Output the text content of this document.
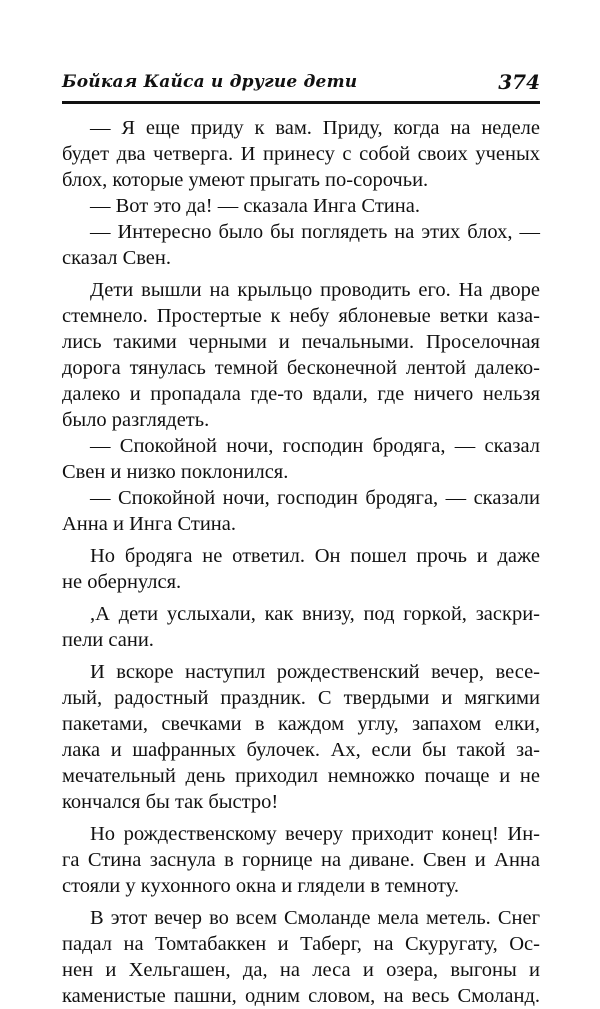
Бойкая Кайса и другие дети	374
— Я еще приду к вам. Приду, когда на неделе
будет два четверга. И принесу с собой своих ученых
блох, которые умеют прыгать по-сорочьи.
— Вот это да! — сказала Инга Стина.
— Интересно было бы поглядеть на этих блох, —
сказал Свен.
Дети вышли на крыльцо проводить его. На дворе
стемнело. Простертые к небу яблоневые ветки каза-
лись такими черными и печальными. Проселочная
дорога тянулась темной бесконечной лентой далеко-
далеко и пропадала где-то вдали, где ничего нельзя
было разглядеть.
— Спокойной ночи, господин бродяга, — сказал
Свен и низко поклонился.
— Спокойной ночи, господин бродяга, — сказали
Анна и Инга Стина.
Но бродяга не ответил. Он пошел прочь и даже
не обернулся.
,А дети услыхали, как внизу, под горкой, заскри-
пели сани.
И вскоре наступил рождественский вечер, весе-
лый, радостный праздник. С твердыми и мягкими
пакетами, свечками в каждом углу, запахом елки,
лака и шафранных булочек. Ах, если бы такой за-
мечательный день приходил немножко почаще и не
кончался бы так быстро!
Но рождественскому вечеру приходит конец! Ин-
га Стина заснула в горнице на диване. Свен и Анна
стояли у кухонного окна и глядели в темноту.
В этот вечер во всем Смоланде мела метель. Снег
падал на Томтабаккен и Таберг, на Скуругату, Ос-
нeн и Хельгашен, да, на леса и озера, выгоны и
каменистые пашни, одним словом, на весь Смоланд.
